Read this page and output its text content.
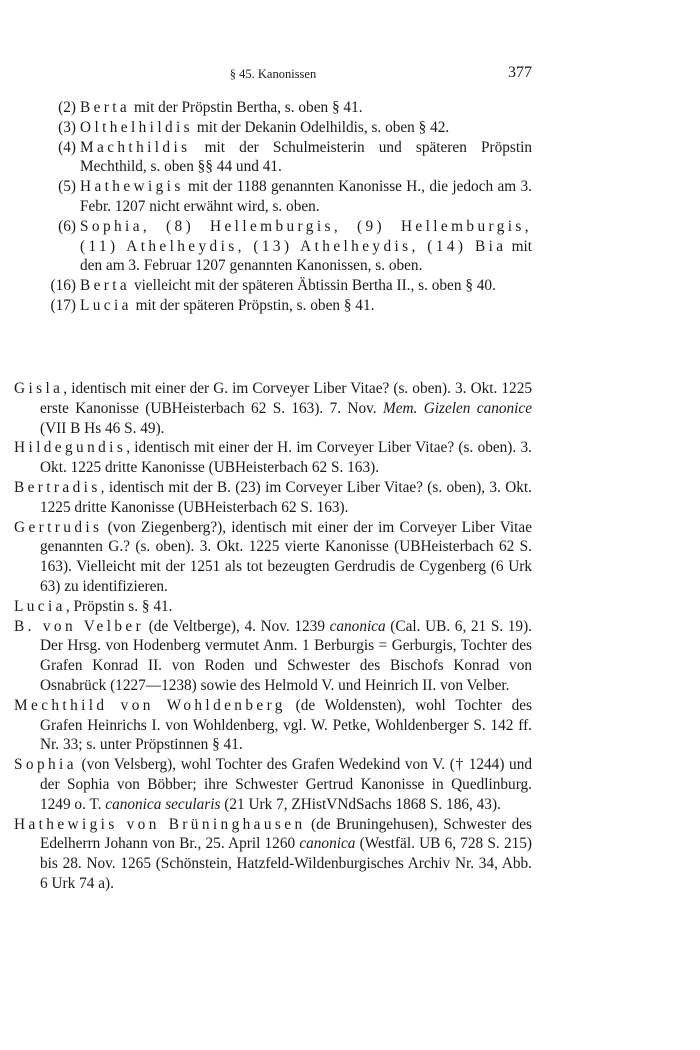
§ 45. Kanonissen	377

(2) Berta mit der Pröpstin Bertha, s. oben § 41.

(3) Olthelhildis mit der Dekanin Odelhildis, s. oben § 42.

(4) Machthildis mit der Schulmeisterin und späteren Pröpstin Mechthild, s. oben §§ 44 und 41.

(5) Hathewigis mit der 1188 genannten Kanonisse H., die jedoch am 3. Febr. 1207 nicht erwähnt wird, s. oben.

(6) Sophia, (8) Hellemburgis, (9) Hellemburgis, (11) Athelheydis, (13) Athelheydis, (14) Bia mit den am 3. Februar 1207 genannten Kanonissen, s. oben.

(16) Berta vielleicht mit der späteren Äbtissin Bertha II., s. oben § 40.

(17) Lucia mit der späteren Pröpstin, s. oben § 41.

Gisla, identisch mit einer der G. im Corveyer Liber Vitae? (s. oben). 3. Okt. 1225 erste Kanonisse (UBHeisterbach 62 S. 163). 7. Nov. Mem. Gizelen canonice (VII B Hs 46 S. 49).

Hildegundis, identisch mit einer der H. im Corveyer Liber Vitae? (s. oben). 3. Okt. 1225 dritte Kanonisse (UBHeisterbach 62 S. 163).

Bertradis, identisch mit der B. (23) im Corveyer Liber Vitae? (s. oben), 3. Okt. 1225 dritte Kanonisse (UBHeisterbach 62 S. 163).

Gertrudis (von Ziegenberg?), identisch mit einer der im Corveyer Liber Vitae genannten G.? (s. oben). 3. Okt. 1225 vierte Kanonisse (UBHeisterbach 62 S. 163). Vielleicht mit der 1251 als tot bezeugten Gerdrudis de Cygenberg (6 Urk 63) zu identifizieren.

Lucia, Pröpstin s. § 41.

B. von Velber (de Veltberge), 4. Nov. 1239 canonica (Cal. UB. 6, 21 S. 19). Der Hrsg. von Hodenberg vermutet Anm. 1 Berburgis = Gerburgis, Tochter des Grafen Konrad II. von Roden und Schwester des Bischofs Konrad von Osnabrück (1227—1238) sowie des Helmold V. und Heinrich II. von Velber.

Mechthild von Wohldenberg (de Woldensten), wohl Tochter des Grafen Heinrichs I. von Wohldenberg, vgl. W. Petke, Wohldenberger S. 142 ff. Nr. 33; s. unter Pröpstinnen § 41.

Sophia (von Velsberg), wohl Tochter des Grafen Wedekind von V. († 1244) und der Sophia von Böbber; ihre Schwester Gertrud Kanonisse in Quedlinburg. 1249 o. T. canonica secularis (21 Urk 7, ZHistVNdSachs 1868 S. 186, 43).

Hathewigis von Brüninghausen (de Bruningehusen), Schwester des Edelherrn Johann von Br., 25. April 1260 canonica (Westfäl. UB 6, 728 S. 215) bis 28. Nov. 1265 (Schönstein, Hatzfeld-Wildenburgisches Archiv Nr. 34, Abb. 6 Urk 74 a).
